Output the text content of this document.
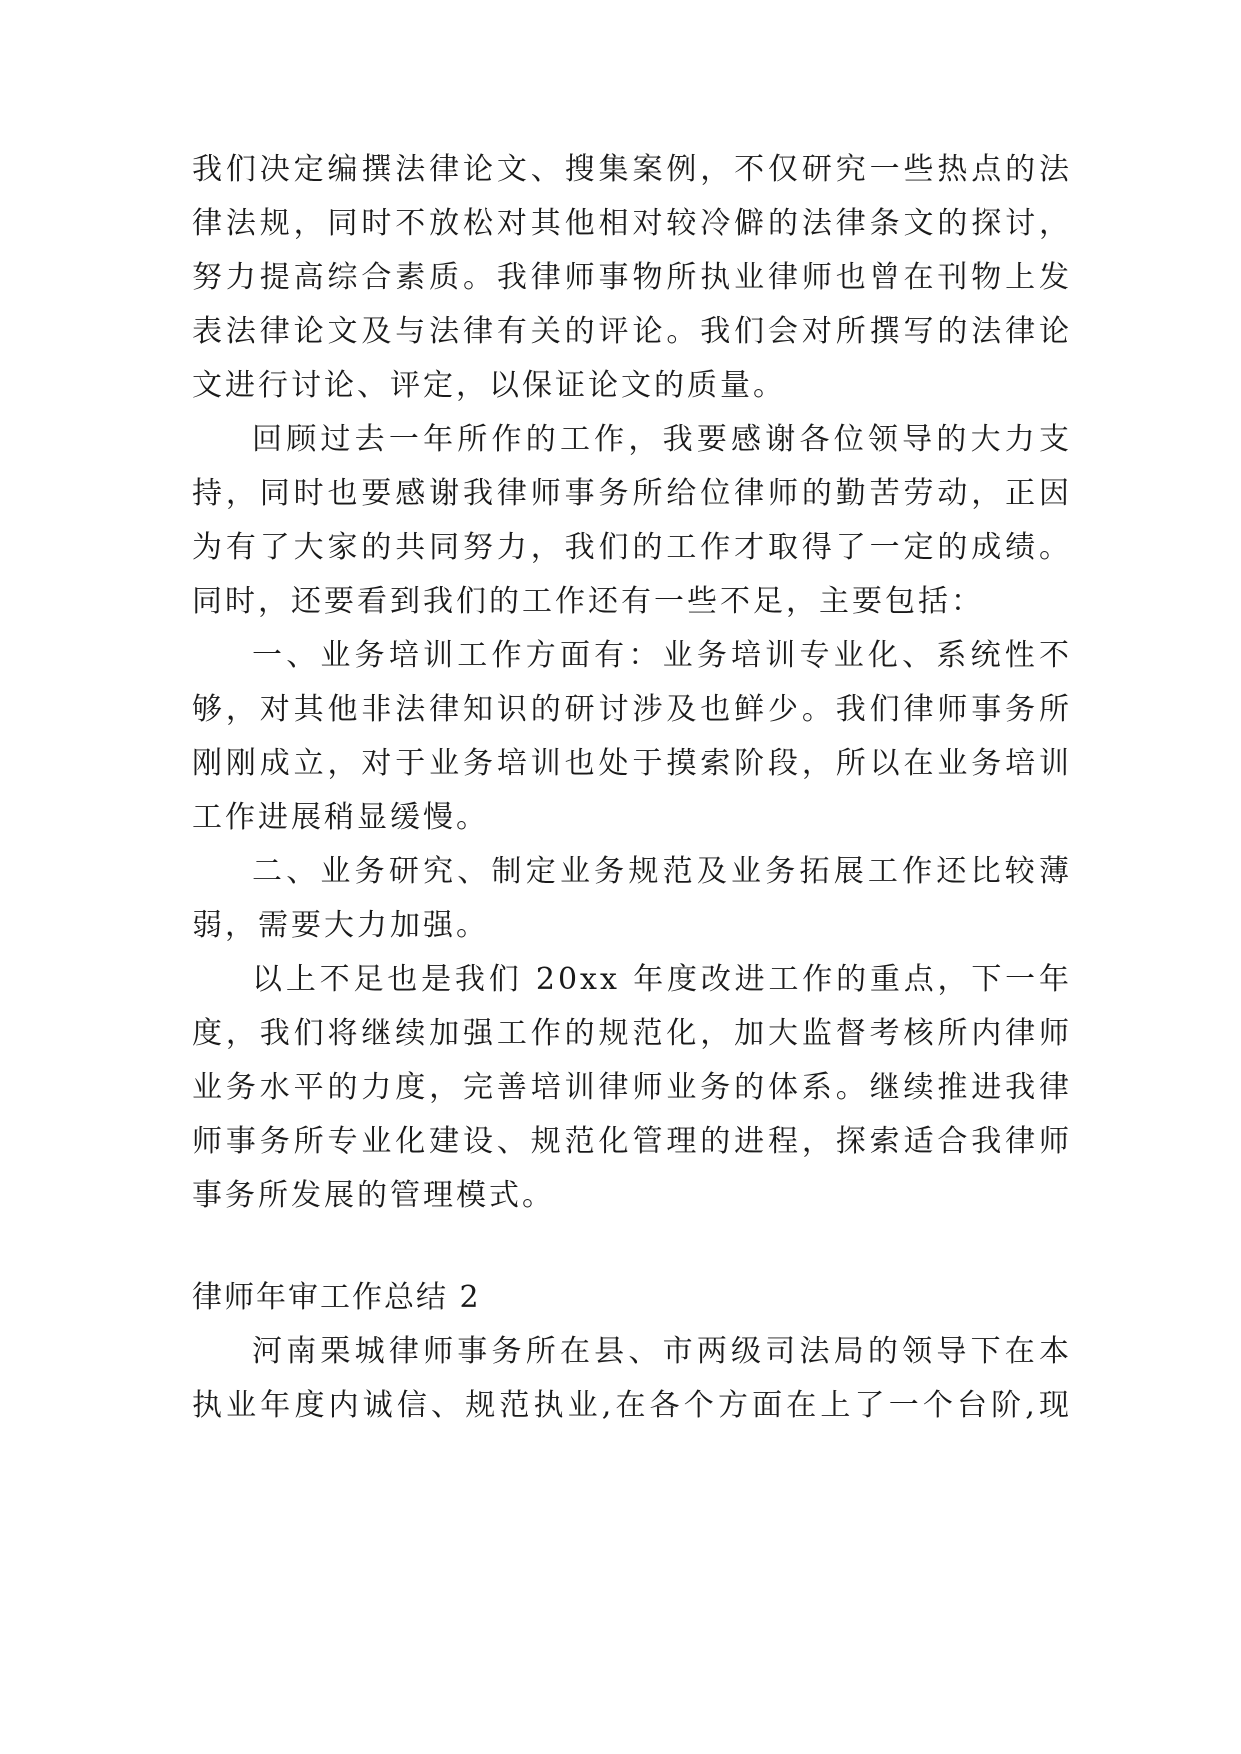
我们决定编撰法律论文、搜集案例，不仅研究一些热点的法
律法规，同时不放松对其他相对较冷僻的法律条文的探讨，
努力提高综合素质。我律师事物所执业律师也曾在刊物上发
表法律论文及与法律有关的评论。我们会对所撰写的法律论
文进行讨论、评定，以保证论文的质量。
回顾过去一年所作的工作，我要感谢各位领导的大力支
持，同时也要感谢我律师事务所给位律师的勤苦劳动，正因
为有了大家的共同努力，我们的工作才取得了一定的成绩。
同时，还要看到我们的工作还有一些不足，主要包括：
一、业务培训工作方面有：业务培训专业化、系统性不
够，对其他非法律知识的研讨涉及也鲜少。我们律师事务所
刚刚成立，对于业务培训也处于摸索阶段，所以在业务培训
工作进展稍显缓慢。
二、业务研究、制定业务规范及业务拓展工作还比较薄
弱，需要大力加强。
以上不足也是我们 20xx 年度改进工作的重点，下一年
度，我们将继续加强工作的规范化，加大监督考核所内律师
业务水平的力度，完善培训律师业务的体系。继续推进我律
师事务所专业化建设、规范化管理的进程，探索适合我律师
事务所发展的管理模式。
律师年审工作总结 2
河南栗城律师事务所在县、市两级司法局的领导下在本
执业年度内诚信、规范执业,在各个方面在上了一个台阶,现
